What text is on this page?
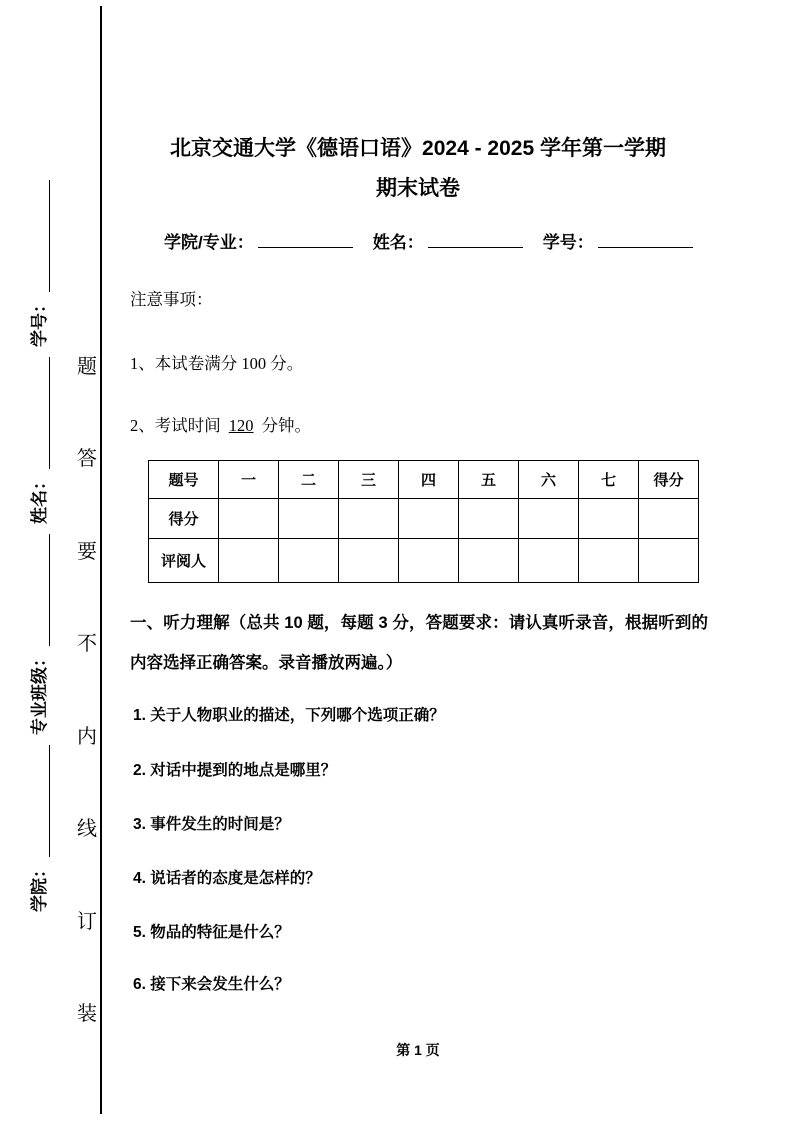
学院：
专业班级：
姓名：
学号：
题
答
要
不
内
线
订
装
北京交通大学《德语口语》2024 - 2025 学年第一学期
期末试卷
学院/专业：	姓名：	学号：
注意事项：
1、本试卷满分 100 分。
2、考试时间 120 分钟。
题号	一	二	三	四	五	六	七	得分
得分								
评阅人								
一、听力理解（总共 10 题，每题 3 分，答题要求：请认真听录音，根据听到的内容选择正确答案。录音播放两遍。）
1. 关于人物职业的描述，下列哪个选项正确？
2. 对话中提到的地点是哪里？
3. 事件发生的时间是？
4. 说话者的态度是怎样的？
5. 物品的特征是什么？
6. 接下来会发生什么？
第 1 页
